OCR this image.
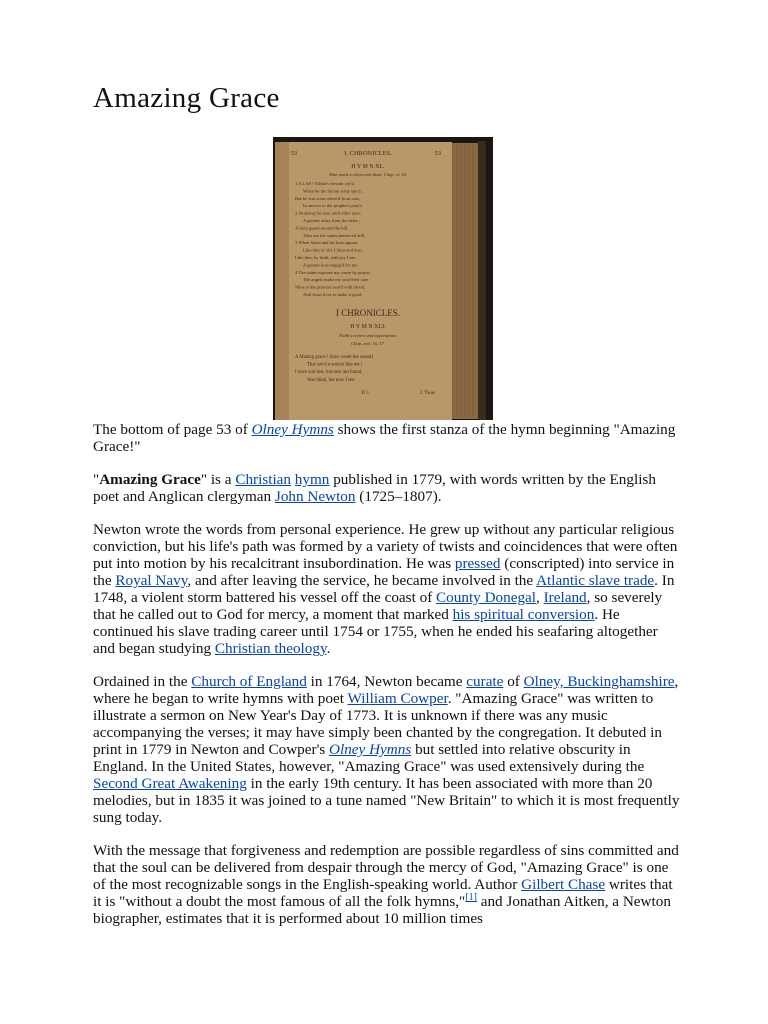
Amazing Grace
53	I. CHRONICLES.	53
H Y M N XL.
Man much to them with them. Chap. vi. 16.
1 A LAS ! Elisha's servant cry'd,
When he the Syrian army spy'd ;
But he was soon releas'd from care,
In answer to the prophet's pray'r.
2 Straitway he saw, with other eyes,
A greater army from the skies ;
A fiery guard around the hill,
Thus are the saints preserved still.
3 When Satan and his host appear,
Like him of old, I faint and fear ;
Like him, by faith, with joy I see,
A greater host engag'd for me.
4 The saints espouse my cause by prayer,
The angels make my soul their care ;
Mine is the promise seal'd with blood,
And Jesus lives to make it good.
I CHRONICLES.
H Y M N XLI.
Faith's review and expectation.
Chap. xvii. 16, 17.
A Mazing grace ! (how sweet the sound)
That sav'd a wretch like me !
I once was lost, but now am found,
Was blind, but now I see.
D 3	2 'Twas

The bottom of page 53 of Olney Hymns shows the first stanza of the hymn beginning "Amazing Grace!"

"Amazing Grace" is a Christian hymn published in 1779, with words written by the English poet and Anglican clergyman John Newton (1725–1807).

Newton wrote the words from personal experience. He grew up without any particular religious conviction, but his life's path was formed by a variety of twists and coincidences that were often put into motion by his recalcitrant insubordination. He was pressed (conscripted) into service in the Royal Navy, and after leaving the service, he became involved in the Atlantic slave trade. In 1748, a violent storm battered his vessel off the coast of County Donegal, Ireland, so severely that he called out to God for mercy, a moment that marked his spiritual conversion. He continued his slave trading career until 1754 or 1755, when he ended his seafaring altogether and began studying Christian theology.

Ordained in the Church of England in 1764, Newton became curate of Olney, Buckinghamshire, where he began to write hymns with poet William Cowper. "Amazing Grace" was written to illustrate a sermon on New Year's Day of 1773. It is unknown if there was any music accompanying the verses; it may have simply been chanted by the congregation. It debuted in print in 1779 in Newton and Cowper's Olney Hymns but settled into relative obscurity in England. In the United States, however, "Amazing Grace" was used extensively during the Second Great Awakening in the early 19th century. It has been associated with more than 20 melodies, but in 1835 it was joined to a tune named "New Britain" to which it is most frequently sung today.

With the message that forgiveness and redemption are possible regardless of sins committed and that the soul can be delivered from despair through the mercy of God, "Amazing Grace" is one of the most recognizable songs in the English-speaking world. Author Gilbert Chase writes that it is "without a doubt the most famous of all the folk hymns,"[1] and Jonathan Aitken, a Newton biographer, estimates that it is performed about 10 million times
